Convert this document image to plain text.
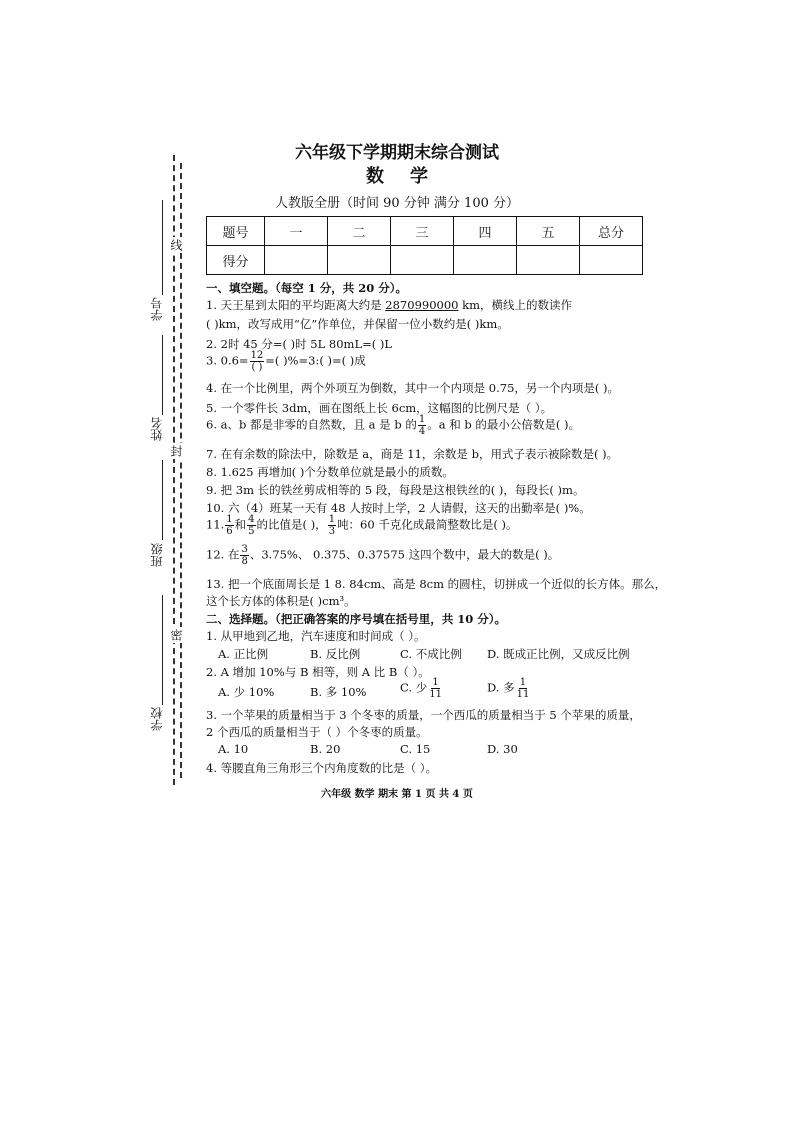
学号
姓名
班级
学校
线
封
密
六年级下学期期末综合测试
数学
人教版全册（时间 90 分钟 满分 100 分）
题号	一	二	三	四	五	总分
得分						
一、填空题。（每空 1 分，共 20 分）。
1. 天王星到太阳的平均距离大约是 2870990000 km，横线上的数读作
( )km，改写成用“亿”作单位，并保留一位小数约是( )km。
2. 2时 45 分=( )时 5L 80mL=( )L
3. $0.6= \frac{12}{( )}$ =( )%=3:( )=( )成
4. 在一个比例里，两个外项互为倒数，其中一个内项是 0.75，另一个内项是( )。
5. 一个零件长 3dm，画在图纸上长 6cm，这幅图的比例尺是（ ）。
6. a、b 都是非零的自然数，且 a 是 b 的 $\frac{1}{4}$ 。a 和 b 的最小公倍数是( )。
7. 在有余数的除法中，除数是 a，商是 11，余数是 b，用式子表示被除数是( )。
8. 1.625 再增加( )个分数单位就是最小的质数。
9. 把 3m 长的铁丝剪成相等的 5 段，每段是这根铁丝的( )，每段长( )m。
10. 六（4）班某一天有 48 人按时上学，2 人请假，这天的出勤率是( )%。
11. $\frac{1}{6}$ 和 $\frac{4}{5}$ 的比值是( )， $\frac{1}{3}$ 吨：60 千克化成最简整数比是( )。
12. 在 $\frac{3}{8}$ 、3.75%、 0.375、0.37575 这四个数中，最大的数是( )。
13. 把一个底面周长是 1 8. 84cm、高是 8cm 的圆柱，切拼成一个近似的长方体。那么，
这个长方体的体积是( )cm³。
二、选择题。（把正确答案的序号填在括号里，共 10 分）。
1. 从甲地到乙地，汽车速度和时间成（ ）。
A. 正比例	B. 反比例	C. 不成比例 D. 既成正比例，又成反比例
2. A 增加 10%与 B 相等，则 A 比 B（ ）。
A. 少 10%	B. 多 10%	C. 少 $\frac{1}{11}$	D. 多 $\frac{1}{11}$
3. 一个苹果的质量相当于 3 个冬枣的质量，一个西瓜的质量相当于 5 个苹果的质量，
2 个西瓜的质量相当于（ ）个冬枣的质量。
A. 10	B. 20	C. 15	D. 30
4. 等腰直角三角形三个内角度数的比是（ ）。
六年级 数学 期末 第 1 页 共 4 页
